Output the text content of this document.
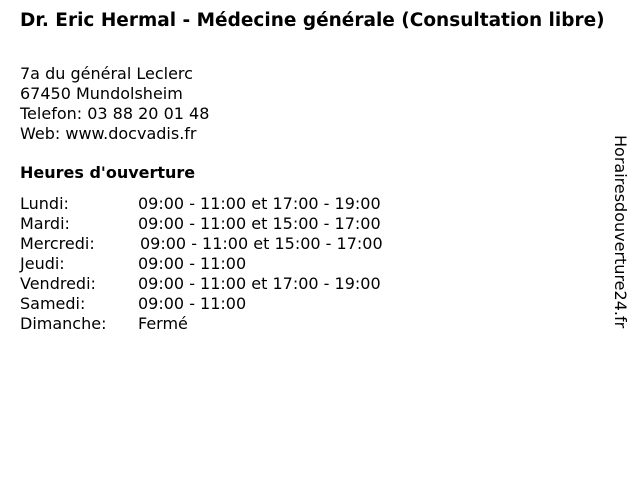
Dr. Eric Hermal - Médecine générale (Consultation libre)
7a du général Leclerc
67450 Mundolsheim
Telefon: 03 88 20 01 48
Web: www.docvadis.fr
Heures d'ouverture
Lundi:	09:00 - 11:00 et 17:00 - 19:00
Mardi:	09:00 - 11:00 et 15:00 - 17:00
Mercredi:	09:00 - 11:00 et 15:00 - 17:00
Jeudi:	09:00 - 11:00
Vendredi:	09:00 - 11:00 et 17:00 - 19:00
Samedi:	09:00 - 11:00
Dimanche: Fermé	Horairesdouverture24.fr
